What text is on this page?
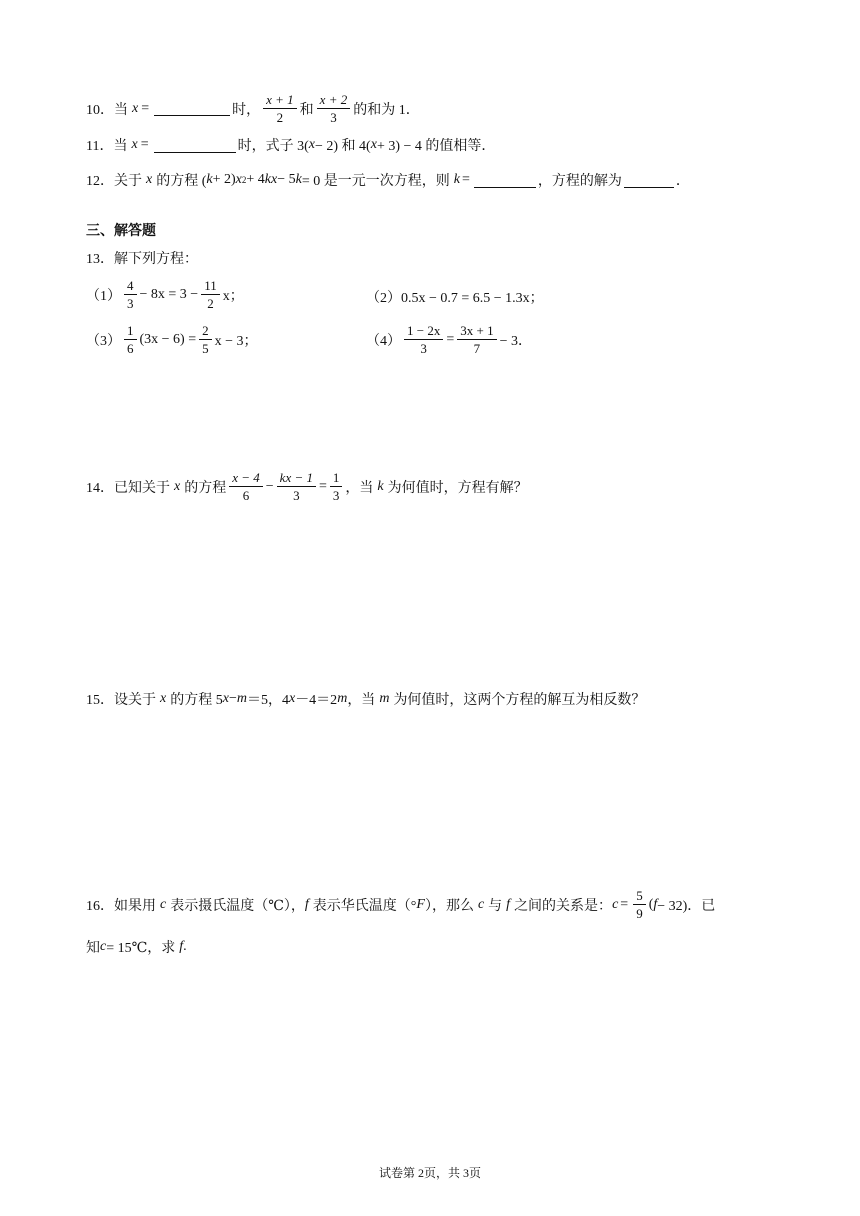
10． 当 x =	时， $\frac{x + 1}{2}$ 和 $\frac{x + 2}{3}$ 的和为 1．
11． 当 x =	时，式子 3( x − 2) 和 4( x + 3) − 4 的值相等．
12． 关于 x 的方程 ( k + 2) x 2 + 4 kx − 5 k = 0 是一元一次方程，则 k =	，方程的解为	．
三、解答题
13．解下列方程：
$(1) \frac{4}{3} - 8x = 3 - \frac{11}{2}$ x；	（2） 0.5x − 0.7 = 6.5 − 1.3x；
$(3) \frac{1}{6} (3x - 6) = \frac{2}{5}$ x − 3；	$(4) \frac{1 - 2x}{3} = \frac{3x + 1}{7} - 3$．
14． 已知关于 x 的方程 $\frac{x - 4}{6} - \frac{kx - 1}{3} = \frac{1}{3}$ ，当 k 为何值时，方程有解？
15． 设关于 x 的方程 5 x − m ＝5，4 x －4＝2 m ，当 m 为何值时，这两个方程的解互为相反数？
16． 如果用 c 表示摄氏温度（℃）， f 表示华氏温度（° F ），那么 c 与 f 之间的关系是： $c = \frac{5}{9}$ ( f − 32)．已
知 c = 15℃，求 f .
试卷第 2页，共 3页
